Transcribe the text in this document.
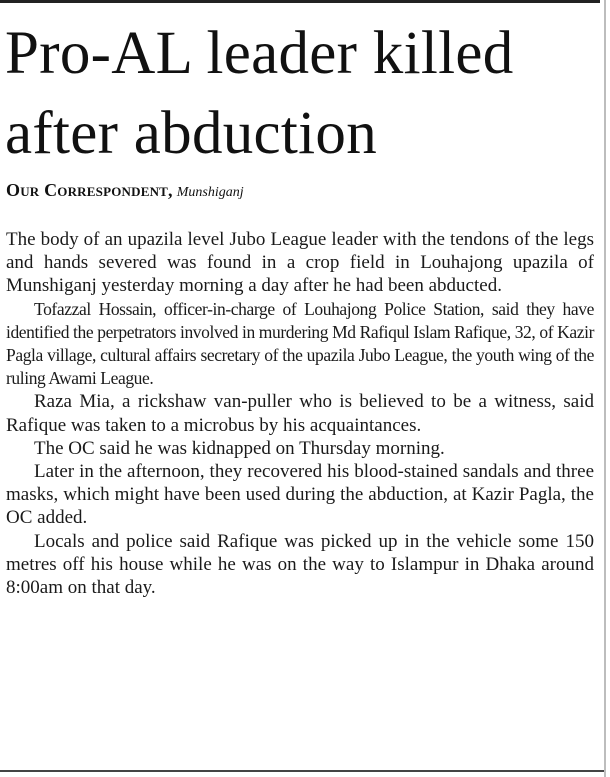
Pro-AL leader killed
after abduction
Our Correspondent, Munshiganj

The body of an upazila level Jubo League leader with the tendons of the legs and hands severed was found in a crop field in Louhajong upazila of Munshiganj yesterday morning a day after he had been abducted.

Tofazzal Hossain, officer-in-charge of Louhajong Police Station, said they have identified the perpetrators involved in murdering Md Rafiqul Islam Rafique, 32, of Kazir Pagla village, cultural affairs secretary of the upazila Jubo League, the youth wing of the ruling Awami League.

Raza Mia, a rickshaw van-puller who is believed to be a witness, said Rafique was taken to a microbus by his acquaintances.

The OC said he was kidnapped on Thursday morning.

Later in the afternoon, they recovered his blood-stained sandals and three masks, which might have been used during the abduction, at Kazir Pagla, the OC added.

Locals and police said Rafique was picked up in the vehicle some 150 metres off his house while he was on the way to Islampur in Dhaka around 8:00am on that day.
